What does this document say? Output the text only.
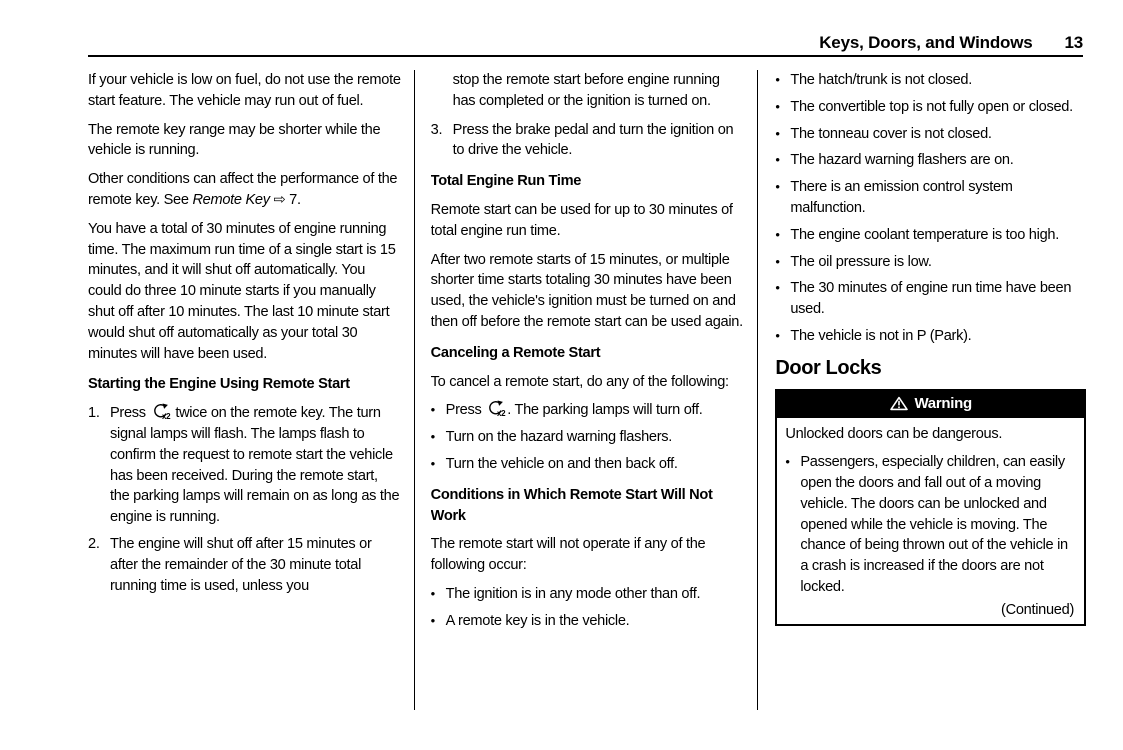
Keys, Doors, and Windows 13

If your vehicle is low on fuel, do not use the remote start feature. The vehicle may run out of fuel.

The remote key range may be shorter while the vehicle is running.

Other conditions can affect the performance of the remote key. See Remote Key ⇨ 7.

You have a total of 30 minutes of engine running time. The maximum run time of a single start is 15 minutes, and it will shut off automatically. You could do three 10 minute starts if you manually shut off after 10 minutes. The last 10 minute start would shut off automatically as your total 30 minutes will have been used.

Starting the Engine Using Remote Start
1. Press x2 twice on the remote key. The turn signal lamps will flash. The lamps flash to confirm the request to remote start the vehicle has been received. During the remote start, the parking lamps will remain on as long as the engine is running.
2. The engine will shut off after 15 minutes or after the remainder of the 30 minute total running time is used, unless you

stop the remote start before engine running has completed or the ignition is turned on.

3. Press the brake pedal and turn the ignition on to drive the vehicle.
Total Engine Run Time

Remote start can be used for up to 30 minutes of total engine run time.

After two remote starts of 15 minutes, or multiple shorter time starts totaling 30 minutes have been used, the vehicle's ignition must be turned on and then off before the remote start can be used again.

Canceling a Remote Start

To cancel a remote start, do any of the following:

• Press x2 . The parking lamps will turn off.
• Turn on the hazard warning flashers.
• Turn the vehicle on and then back off.
Conditions in Which Remote Start Will Not Work

The remote start will not operate if any of the following occur:

• The ignition is in any mode other than off.
• A remote key is in the vehicle.
• The hatch/trunk is not closed.
• The convertible top is not fully open or closed.
• The tonneau cover is not closed.
• The hazard warning flashers are on.
• There is an emission control system malfunction.
• The engine coolant temperature is too high.
• The oil pressure is low.
• The 30 minutes of engine run time have been used.
• The vehicle is not in P (Park).
Door Locks
Warning

Unlocked doors can be dangerous.

• Passengers, especially children, can easily open the doors and fall out of a moving vehicle. The doors can be unlocked and opened while the vehicle is moving. The chance of being thrown out of the vehicle in a crash is increased if the doors are not locked.
(Continued)
